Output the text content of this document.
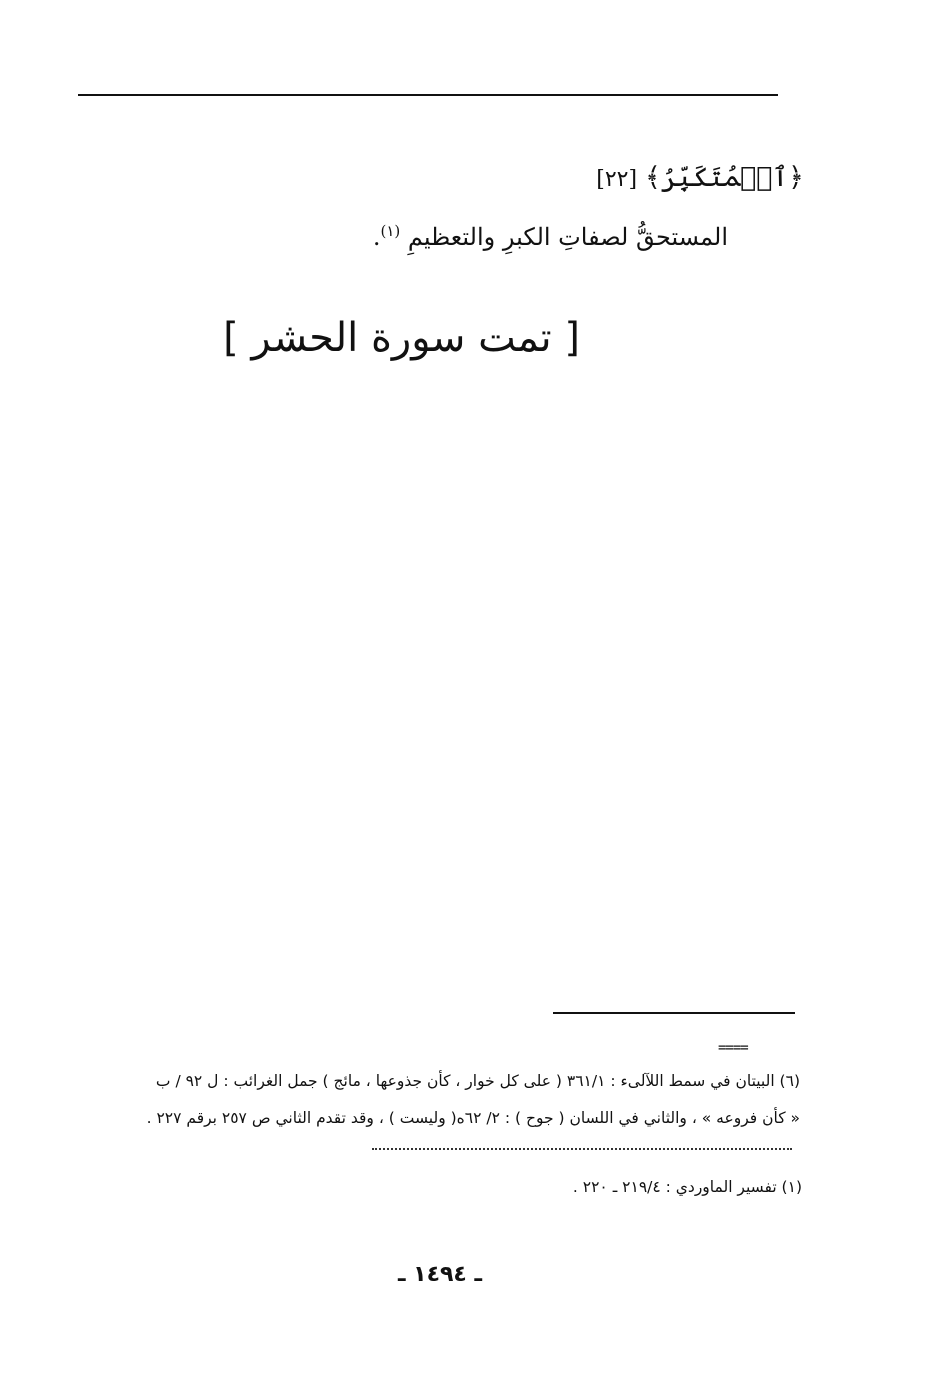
﴿ٱلۡمُتَكَبِّرُ﴾ [٢٢]
المستحقُّ لصفاتِ الكبرِ والتعظيمِ $^{(١)}$.
[ تمت سورة الحشر ]
====
(٦) البيتان في سمط اللآلىء : ٣٦١/١ ( على كل خوار ، كأن جذوعها ، مائج ) جمل الغرائب : ل ٩٢ / ب
« كأن فروعه » ، والثاني في اللسان ( جوح ) : ٢/ ٦٢ه( وليست ) ، وقد تقدم الثاني ص ٢٥٧ برقم ٢٢٧ .
(١) تفسير الماوردي : ٢١٩/٤ ـ ٢٢٠ .
ـ ١٤٩٤ ـ
